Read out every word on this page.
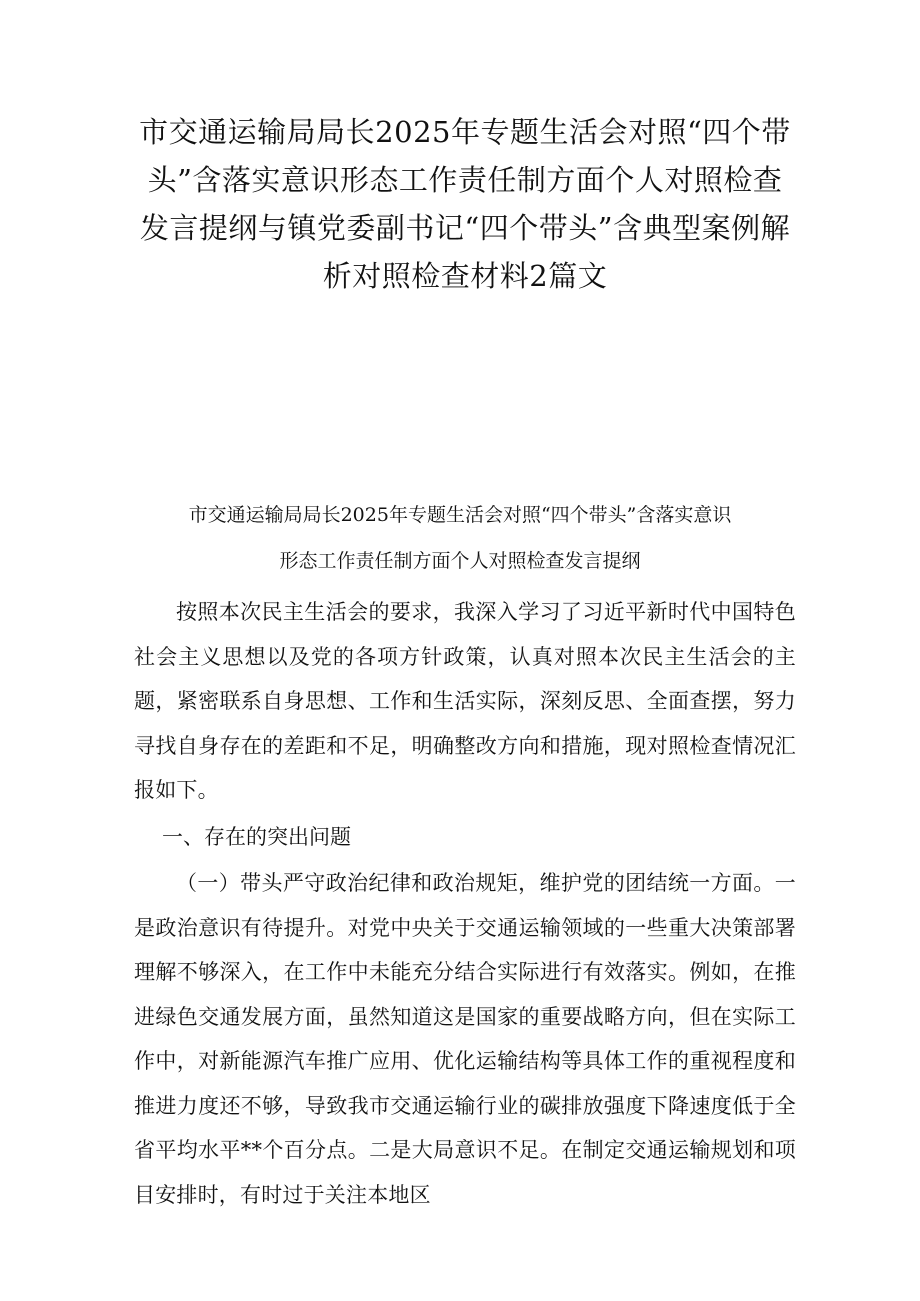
市交通运输局局长2025年专题生活会对照“四个带头”含落实意识形态工作责任制方面个人对照检查发言提纲与镇党委副书记“四个带头”含典型案例解析对照检查材料2篇文

市交通运输局局长2025年专题生活会对照“四个带头”含落实意识

形态工作责任制方面个人对照检查发言提纲

按照本次民主生活会的要求，我深入学习了习近平新时代中国特色社会主义思想以及党的各项方针政策，认真对照本次民主生活会的主题，紧密联系自身思想、工作和生活实际，深刻反思、全面查摆，努力寻找自身存在的差距和不足，明确整改方向和措施，现对照检查情况汇报如下。

一、存在的突出问题

（一）带头严守政治纪律和政治规矩，维护党的团结统一方面。一是政治意识有待提升。对党中央关于交通运输领域的一些重大决策部署理解不够深入，在工作中未能充分结合实际进行有效落实。例如，在推进绿色交通发展方面，虽然知道这是国家的重要战略方向，但在实际工作中，对新能源汽车推广应用、优化运输结构等具体工作的重视程度和推进力度还不够，导致我市交通运输行业的碳排放强度下降速度低于全省平均水平**个百分点。二是大局意识不足。在制定交通运输规划和项目安排时，有时过于关注本地区
